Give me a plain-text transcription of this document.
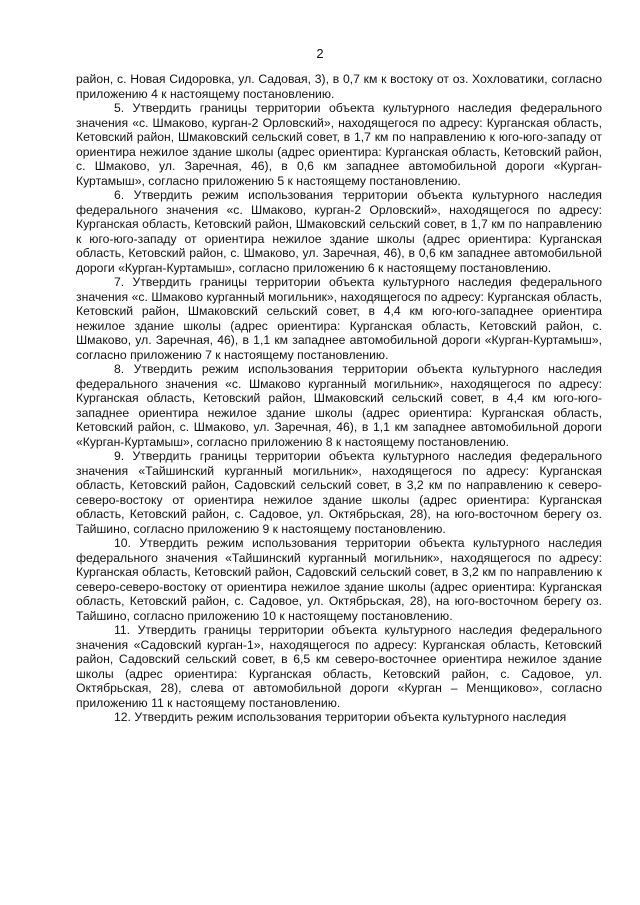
2

район, с. Новая Сидоровка, ул. Садовая, 3), в 0,7 км к востоку от оз. Хохловатики, согласно приложению 4 к настоящему постановлению.

5. Утвердить границы территории объекта культурного наследия федерального значения «с. Шмаково, курган-2 Орловский», находящегося по адресу: Курганская область, Кетовский район, Шмаковский сельский совет, в 1,7 км по направлению к юго-юго-западу от ориентира нежилое здание школы (адрес ориентира: Курганская область, Кетовский район, с. Шмаково, ул. Заречная, 46), в 0,6 км западнее автомобильной дороги «Курган-Куртамыш», согласно приложению 5 к настоящему постановлению.

6. Утвердить режим использования территории объекта культурного наследия федерального значения «с. Шмаково, курган-2 Орловский», находящегося по адресу: Курганская область, Кетовский район, Шмаковский сельский совет, в 1,7 км по направлению к юго-юго-западу от ориентира нежилое здание школы (адрес ориентира: Курганская область, Кетовский район, с. Шмаково, ул. Заречная, 46), в 0,6 км западнее автомобильной дороги «Курган-Куртамыш», согласно приложению 6 к настоящему постановлению.

7. Утвердить границы территории объекта культурного наследия федерального значения «с. Шмаково курганный могильник», находящегося по адресу: Курганская область, Кетовский район, Шмаковский сельский совет, в 4,4 км юго-юго-западнее ориентира нежилое здание школы (адрес ориентира: Курганская область, Кетовский район, с. Шмаково, ул. Заречная, 46), в 1,1 км западнее автомобильной дороги «Курган-Куртамыш», согласно приложению 7 к настоящему постановлению.

8. Утвердить режим использования территории объекта культурного наследия федерального значения «с. Шмаково курганный могильник», находящегося по адресу: Курганская область, Кетовский район, Шмаковский сельский совет, в 4,4 км юго-юго-западнее ориентира нежилое здание школы (адрес ориентира: Курганская область, Кетовский район, с. Шмаково, ул. Заречная, 46), в 1,1 км западнее автомобильной дороги «Курган-Куртамыш», согласно приложению 8 к настоящему постановлению.

9. Утвердить границы территории объекта культурного наследия федерального значения «Тайшинский курганный могильник», находящегося по адресу: Курганская область, Кетовский район, Садовский сельский совет, в 3,2 км по направлению к северо-северо-востоку от ориентира нежилое здание школы (адрес ориентира: Курганская область, Кетовский район, с. Садовое, ул. Октябрьская, 28), на юго-восточном берегу оз. Тайшино, согласно приложению 9 к настоящему постановлению.

10. Утвердить режим использования территории объекта культурного наследия федерального значения «Тайшинский курганный могильник», находящегося по адресу: Курганская область, Кетовский район, Садовский сельский совет, в 3,2 км по направлению к северо-северо-востоку от ориентира нежилое здание школы (адрес ориентира: Курганская область, Кетовский район, с. Садовое, ул. Октябрьская, 28), на юго-восточном берегу оз. Тайшино, согласно приложению 10 к настоящему постановлению.

11. Утвердить границы территории объекта культурного наследия федерального значения «Садовский курган-1», находящегося по адресу: Курганская область, Кетовский район, Садовский сельский совет, в 6,5 км северо-восточнее ориентира нежилое здание школы (адрес ориентира: Курганская область, Кетовский район, с. Садовое, ул. Октябрьская, 28), слева от автомобильной дороги «Курган – Менщиково», согласно приложению 11 к настоящему постановлению.

12. Утвердить режим использования территории объекта культурного наследия
